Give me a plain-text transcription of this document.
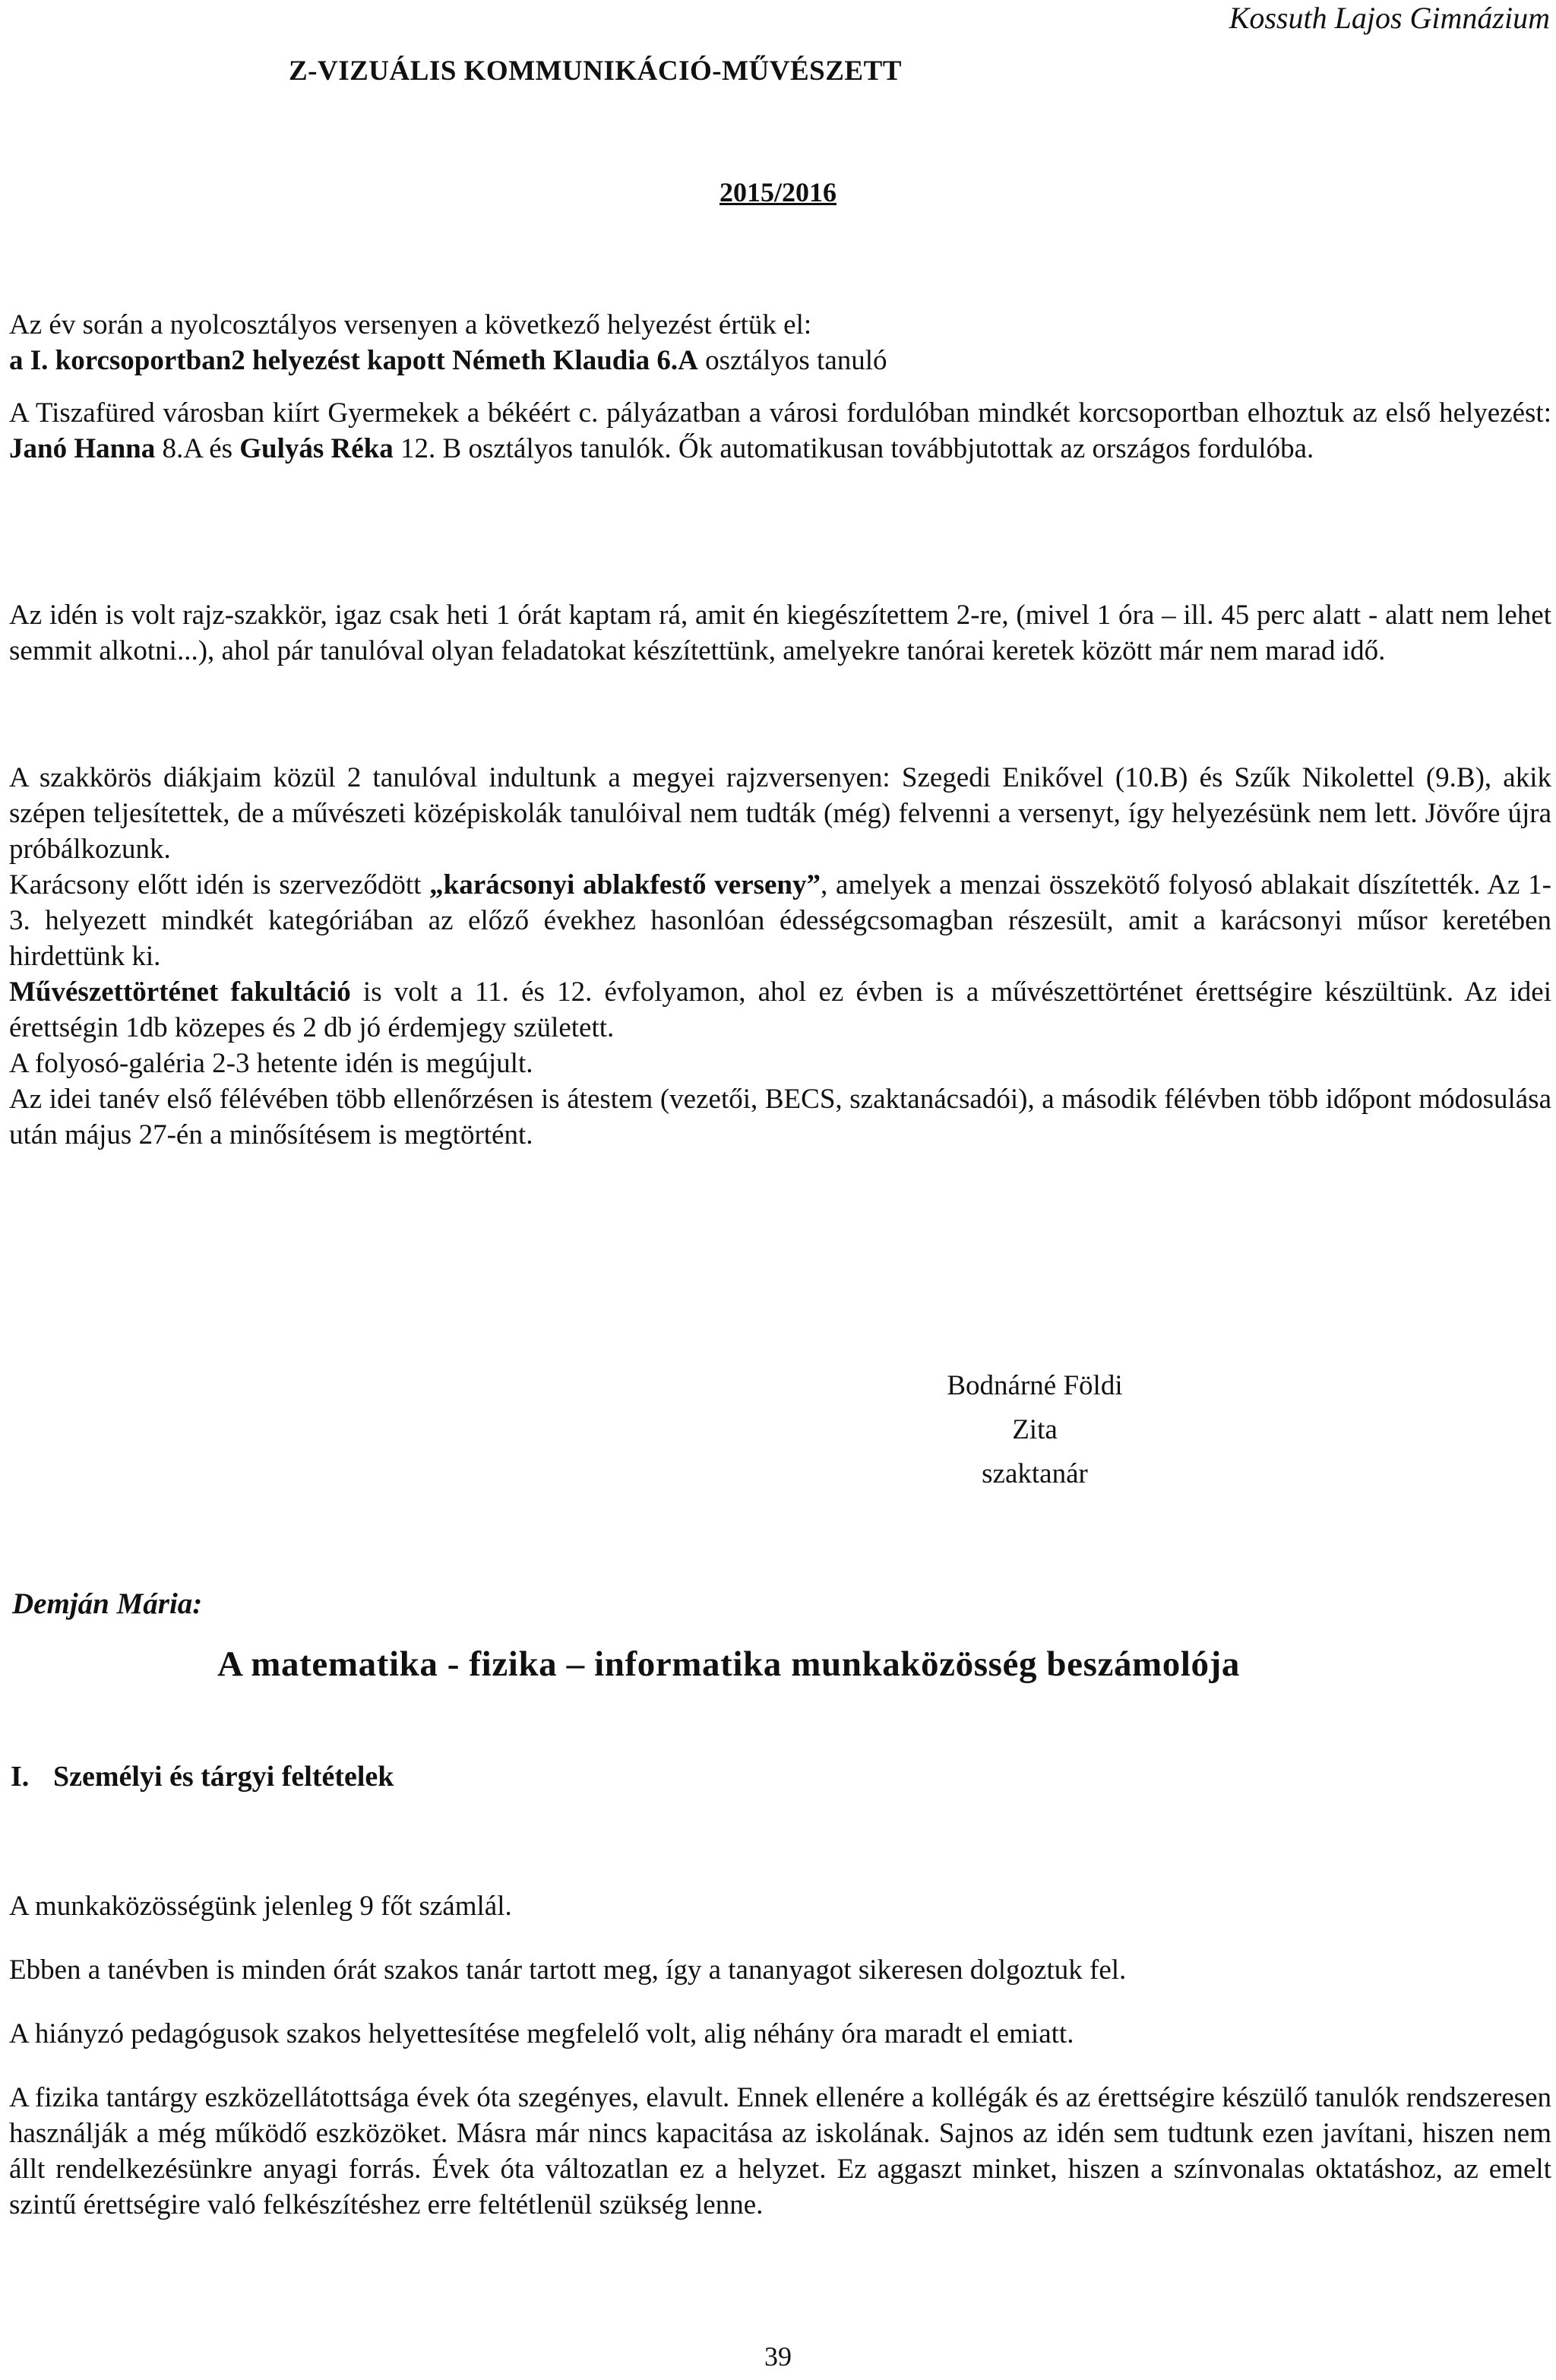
Kossuth Lajos Gimnázium
Z-VIZUÁLIS KOMMUNIKÁCIÓ-MŰVÉSZETT
2015/2016

Az év során a nyolcosztályos versenyen a következő helyezést értük el:

a I. korcsoportban2 helyezést kapott Németh Klaudia 6.A osztályos tanuló

A Tiszafüred városban kiírt Gyermekek a békéért c. pályázatban a városi fordulóban mindkét korcsoportban elhoztuk az első helyezést: Janó Hanna 8.A és Gulyás Réka 12. B osztályos tanulók. Ők automatikusan továbbjutottak az országos fordulóba.

Az idén is volt rajz-szakkör, igaz csak heti 1 órát kaptam rá, amit én kiegészítettem 2-re, (mivel 1 óra – ill. 45 perc alatt - alatt nem lehet semmit alkotni...), ahol pár tanulóval olyan feladatokat készítettünk, amelyekre tanórai keretek között már nem marad idő.

A szakkörös diákjaim közül 2 tanulóval indultunk a megyei rajzversenyen: Szegedi Enikővel (10.B) és Szűk Nikolettel (9.B), akik szépen teljesítettek, de a művészeti középiskolák tanulóival nem tudták (még) felvenni a versenyt, így helyezésünk nem lett. Jövőre újra próbálkozunk.

Karácsony előtt idén is szerveződött „karácsonyi ablakfestő verseny”, amelyek a menzai összekötő folyosó ablakait díszítették. Az 1-3. helyezett mindkét kategóriában az előző évekhez hasonlóan édességcsomagban részesült, amit a karácsonyi műsor keretében hirdettünk ki.

Művészettörténet fakultáció is volt a 11. és 12. évfolyamon, ahol ez évben is a művészettörténet érettségire készültünk. Az idei érettségin 1db közepes és 2 db jó érdemjegy született.

A folyosó-galéria 2-3 hetente idén is megújult.

Az idei tanév első félévében több ellenőrzésen is átestem (vezetői, BECS, szaktanácsadói), a második félévben több időpont módosulása után május 27-én a minősítésem is megtörtént.

Bodnárné Földi Zita
szaktanár
Demján Mária:
A matematika - fizika – informatika munkaközösség beszámolója
I. Személyi és tárgyi feltételek

A munkaközösségünk jelenleg 9 főt számlál.

Ebben a tanévben is minden órát szakos tanár tartott meg, így a tananyagot sikeresen dolgoztuk fel.

A hiányzó pedagógusok szakos helyettesítése megfelelő volt, alig néhány óra maradt el emiatt.

A fizika tantárgy eszközellátottsága évek óta szegényes, elavult. Ennek ellenére a kollégák és az érettségire készülő tanulók rendszeresen használják a még működő eszközöket. Másra már nincs kapacitása az iskolának. Sajnos az idén sem tudtunk ezen javítani, hiszen nem állt rendelkezésünkre anyagi forrás. Évek óta változatlan ez a helyzet. Ez aggaszt minket, hiszen a színvonalas oktatáshoz, az emelt szintű érettségire való felkészítéshez erre feltétlenül szükség lenne.

39
